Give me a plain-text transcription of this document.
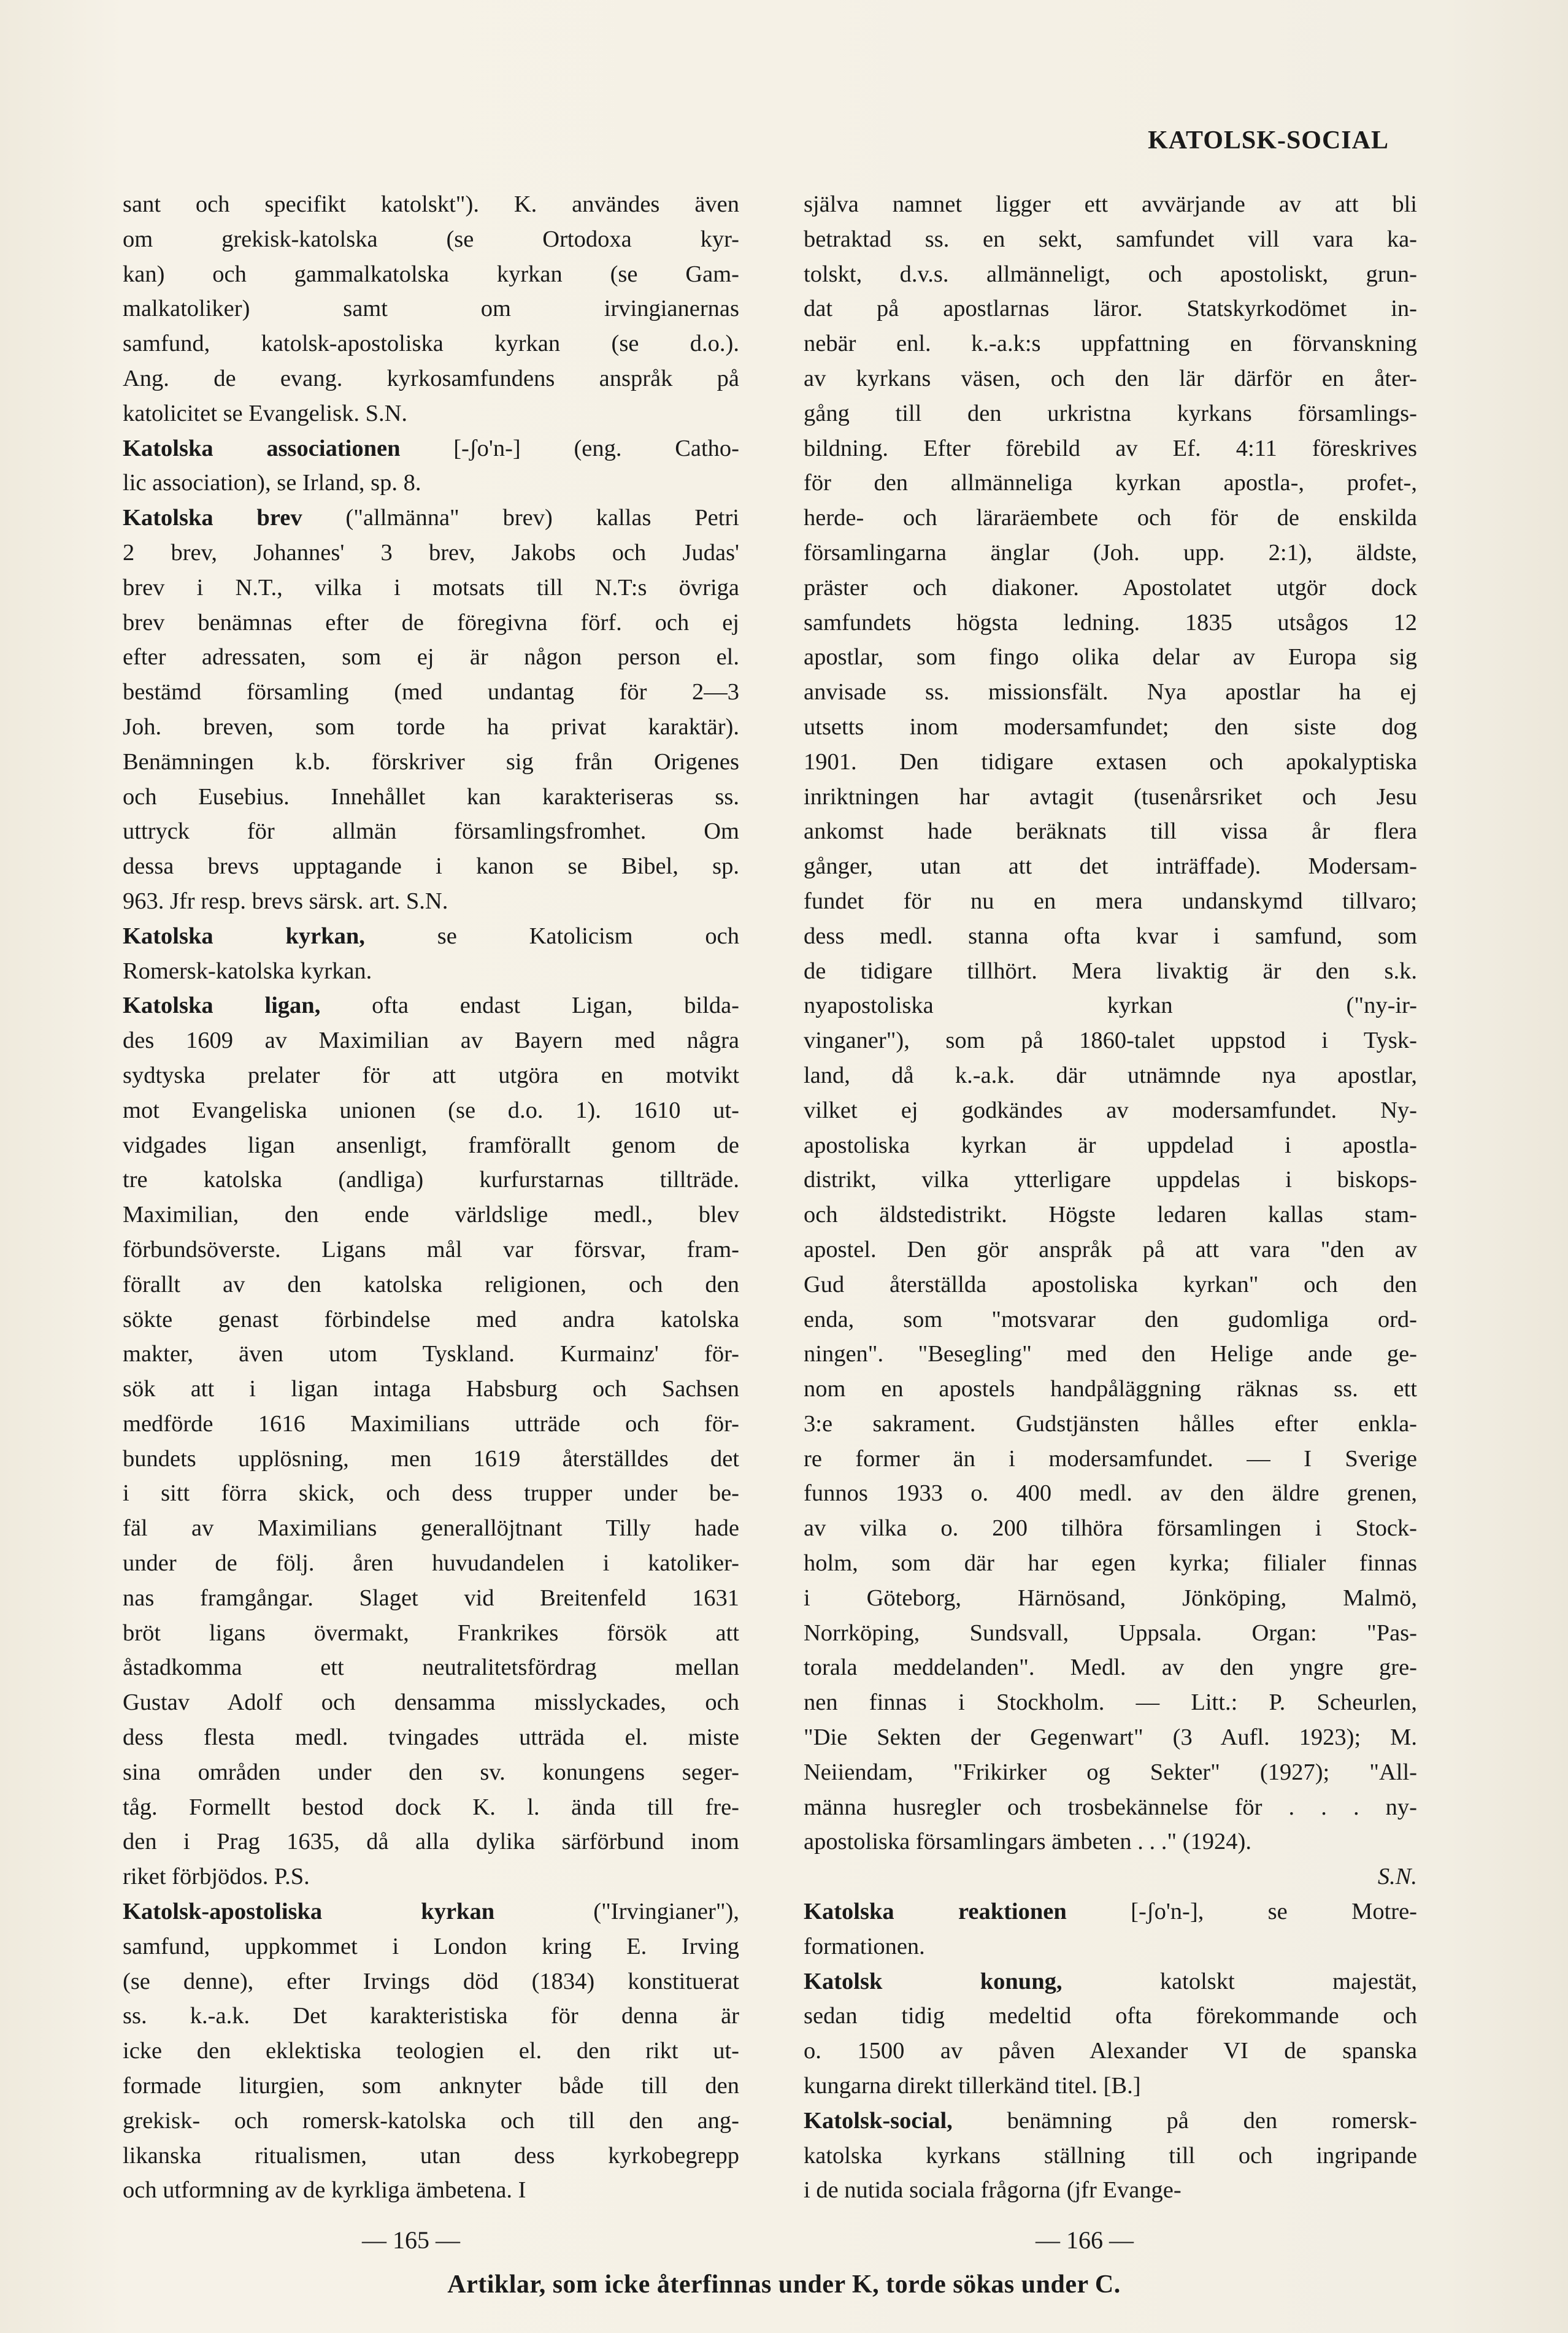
KATOLSK-SOCIAL
sant och specifikt katolskt"). K. användes även
om grekisk-katolska (se Ortodoxa kyr-
kan) och gammalkatolska kyrkan (se Gam-
malkatoliker) samt om irvingianernas
samfund, katolsk-apostoliska kyrkan (se d.o.).
Ang. de evang. kyrkosamfundens anspråk på
katolicitet se Evangelisk. S.N.
Katolska associationen [-ʃo'n-] (eng. Catho-
lic association), se Irland, sp. 8.
Katolska brev ("allmänna" brev) kallas Petri
2 brev, Johannes' 3 brev, Jakobs och Judas'
brev i N.T., vilka i motsats till N.T:s övriga
brev benämnas efter de föregivna förf. och ej
efter adressaten, som ej är någon person el.
bestämd församling (med undantag för 2—3
Joh. breven, som torde ha privat karaktär).
Benämningen k.b. förskriver sig från Origenes
och Eusebius. Innehållet kan karakteriseras ss.
uttryck för allmän församlingsfromhet. Om
dessa brevs upptagande i kanon se Bibel, sp.
963. Jfr resp. brevs särsk. art. S.N.
Katolska kyrkan, se Katolicism och
Romersk-katolska kyrkan.
Katolska ligan, ofta endast Ligan, bilda-
des 1609 av Maximilian av Bayern med några
sydtyska prelater för att utgöra en motvikt
mot Evangeliska unionen (se d.o. 1). 1610 ut-
vidgades ligan ansenligt, framförallt genom de
tre katolska (andliga) kurfurstarnas tillträde.
Maximilian, den ende världslige medl., blev
förbundsöverste. Ligans mål var försvar, fram-
förallt av den katolska religionen, och den
sökte genast förbindelse med andra katolska
makter, även utom Tyskland. Kurmainz' för-
sök att i ligan intaga Habsburg och Sachsen
medförde 1616 Maximilians utträde och för-
bundets upplösning, men 1619 återställdes det
i sitt förra skick, och dess trupper under be-
fäl av Maximilians generallöjtnant Tilly hade
under de följ. åren huvudandelen i katoliker-
nas framgångar. Slaget vid Breitenfeld 1631
bröt ligans övermakt, Frankrikes försök att
åstadkomma ett neutralitetsfördrag mellan
Gustav Adolf och densamma misslyckades, och
dess flesta medl. tvingades utträda el. miste
sina områden under den sv. konungens seger-
tåg. Formellt bestod dock K. l. ända till fre-
den i Prag 1635, då alla dylika särförbund inom
riket förbjödos. P.S.
Katolsk-apostoliska kyrkan ("Irvingianer"),
samfund, uppkommet i London kring E. Irving
(se denne), efter Irvings död (1834) konstituerat
ss. k.-a.k. Det karakteristiska för denna är
icke den eklektiska teologien el. den rikt ut-
formade liturgien, som anknyter både till den
grekisk- och romersk-katolska och till den ang-
likanska ritualismen, utan dess kyrkobegrepp
och utformning av de kyrkliga ämbetena. I
själva namnet ligger ett avvärjande av att bli
betraktad ss. en sekt, samfundet vill vara ka-
tolskt, d.v.s. allmänneligt, och apostoliskt, grun-
dat på apostlarnas läror. Statskyrkodömet in-
nebär enl. k.-a.k:s uppfattning en förvanskning
av kyrkans väsen, och den lär därför en åter-
gång till den urkristna kyrkans församlings-
bildning. Efter förebild av Ef. 4:11 föreskrives
för den allmänneliga kyrkan apostla-, profet-,
herde- och läraräembete och för de enskilda
församlingarna änglar (Joh. upp. 2:1), äldste,
präster och diakoner. Apostolatet utgör dock
samfundets högsta ledning. 1835 utsågos 12
apostlar, som fingo olika delar av Europa sig
anvisade ss. missionsfält. Nya apostlar ha ej
utsetts inom modersamfundet; den siste dog
1901. Den tidigare extasen och apokalyptiska
inriktningen har avtagit (tusenårsriket och Jesu
ankomst hade beräknats till vissa år flera
gånger, utan att det inträffade). Modersam-
fundet för nu en mera undanskymd tillvaro;
dess medl. stanna ofta kvar i samfund, som
de tidigare tillhört. Mera livaktig är den s.k.
nyapostoliska kyrkan ("ny-ir-
vinganer"), som på 1860-talet uppstod i Tysk-
land, då k.-a.k. där utnämnde nya apostlar,
vilket ej godkändes av modersamfundet. Ny-
apostoliska kyrkan är uppdelad i apostla-
distrikt, vilka ytterligare uppdelas i biskops-
och äldstedistrikt. Högste ledaren kallas stam-
apostel. Den gör anspråk på att vara "den av
Gud återställda apostoliska kyrkan" och den
enda, som "motsvarar den gudomliga ord-
ningen". "Besegling" med den Helige ande ge-
nom en apostels handpåläggning räknas ss. ett
3:e sakrament. Gudstjänsten hålles efter enkla-
re former än i modersamfundet. — I Sverige
funnos 1933 o. 400 medl. av den äldre grenen,
av vilka o. 200 tilhöra församlingen i Stock-
holm, som där har egen kyrka; filialer finnas
i Göteborg, Härnösand, Jönköping, Malmö,
Norrköping, Sundsvall, Uppsala. Organ: "Pas-
torala meddelanden". Medl. av den yngre gre-
nen finnas i Stockholm. — Litt.: P. Scheurlen,
"Die Sekten der Gegenwart" (3 Aufl. 1923); M.
Neiiendam, "Frikirker og Sekter" (1927); "All-
männa husregler och trosbekännelse för . . . ny-
apostoliska församlingars ämbeten . . ." (1924).
S.N.
Katolska reaktionen [-ʃo'n-], se Motre-
formationen.
Katolsk konung, katolskt majestät,
sedan tidig medeltid ofta förekommande och
o. 1500 av påven Alexander VI de spanska
kungarna direkt tillerkänd titel. [B.]
Katolsk-social, benämning på den romersk-
katolska kyrkans ställning till och ingripande
i de nutida sociala frågorna (jfr Evange-
— 165 —	— 166 —
Artiklar, som icke återfinnas under K, torde sökas under C.
